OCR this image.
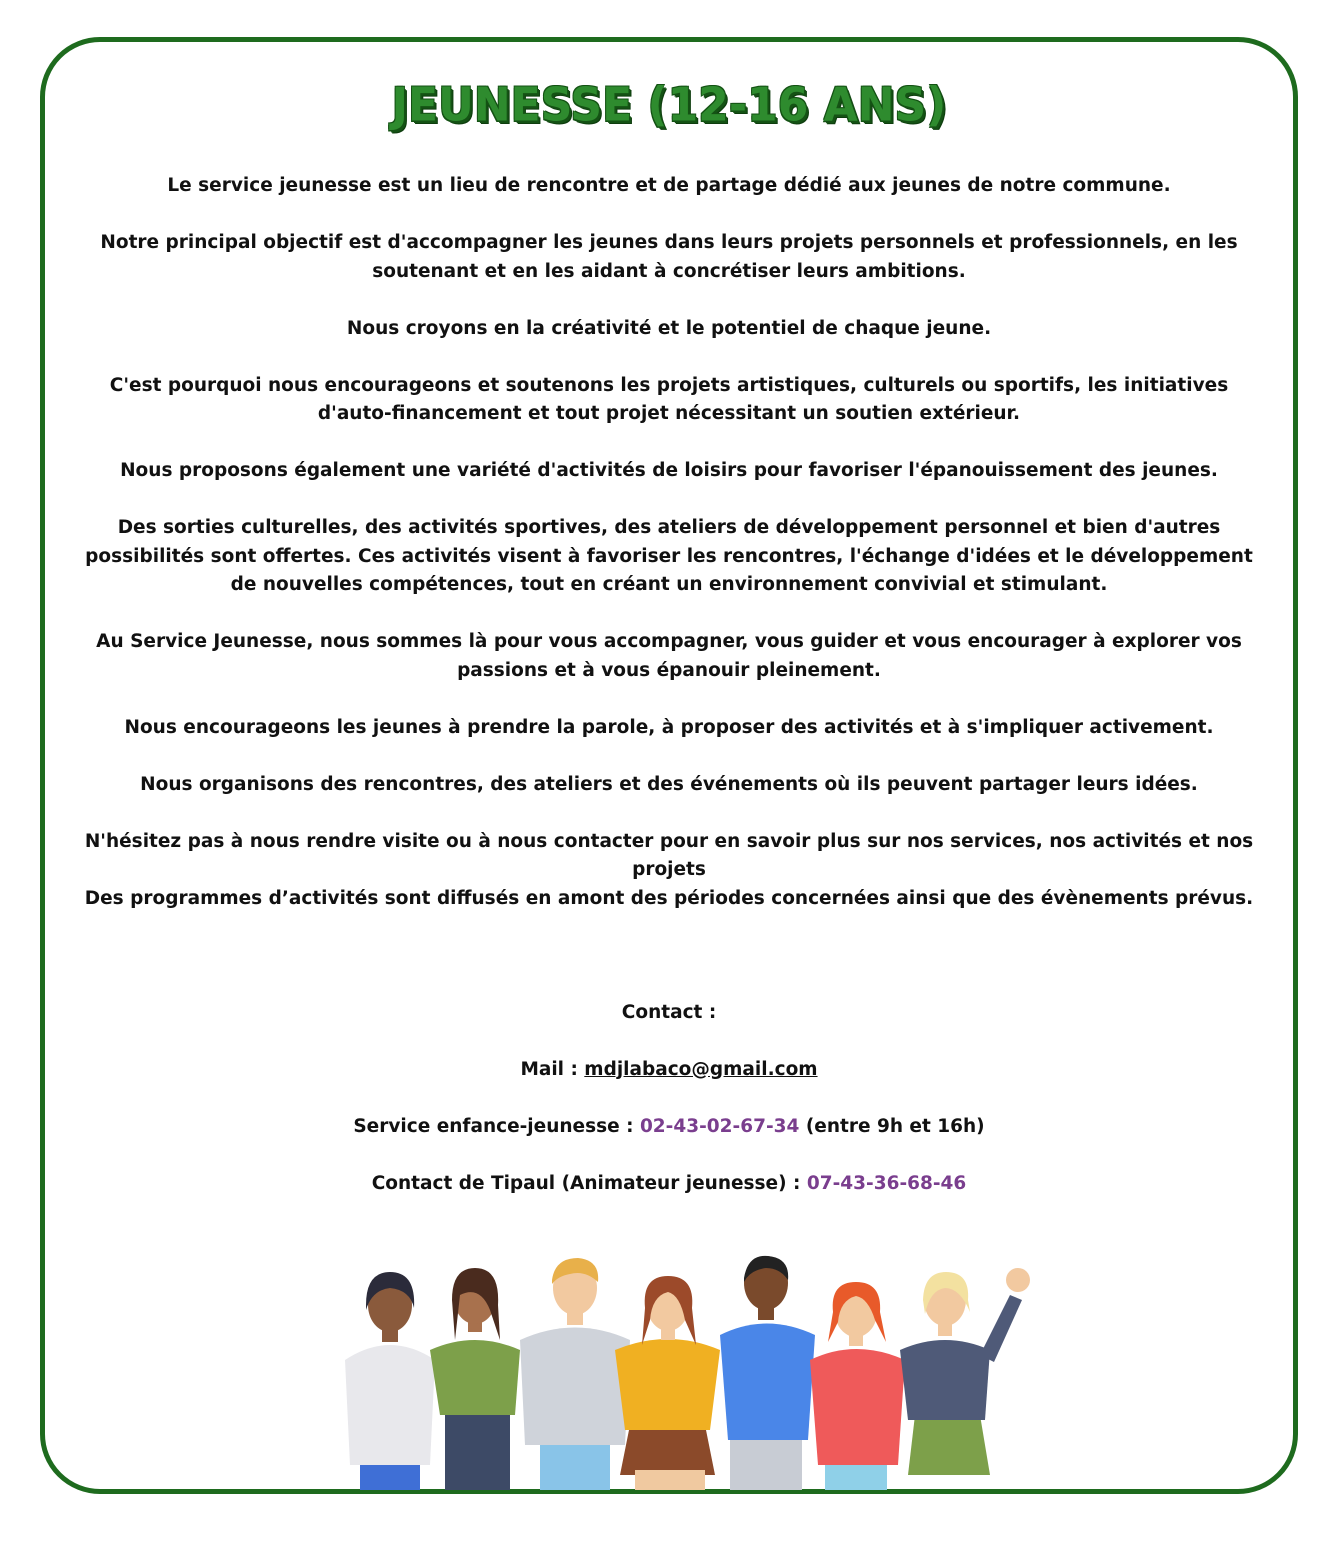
JEUNESSE (12-16 ANS)

Le service jeunesse est un lieu de rencontre et de partage dédié aux jeunes de notre commune.

Notre principal objectif est d'accompagner les jeunes dans leurs projets personnels et professionnels, en les soutenant et en les aidant à concrétiser leurs ambitions.

Nous croyons en la créativité et le potentiel de chaque jeune.

C'est pourquoi nous encourageons et soutenons les projets artistiques, culturels ou sportifs, les initiatives d'auto-financement et tout projet nécessitant un soutien extérieur.

Nous proposons également une variété d'activités de loisirs pour favoriser l'épanouissement des jeunes.

Des sorties culturelles, des activités sportives, des ateliers de développement personnel et bien d'autres possibilités sont offertes. Ces activités visent à favoriser les rencontres, l'échange d'idées et le développement de nouvelles compétences, tout en créant un environnement convivial et stimulant.

Au Service Jeunesse, nous sommes là pour vous accompagner, vous guider et vous encourager à explorer vos passions et à vous épanouir pleinement.

Nous encourageons les jeunes à prendre la parole, à proposer des activités et à s'impliquer activement.

Nous organisons des rencontres, des ateliers et des événements où ils peuvent partager leurs idées.

N'hésitez pas à nous rendre visite ou à nous contacter pour en savoir plus sur nos services, nos activités et nos projets

Des programmes d’activités sont diffusés en amont des périodes concernées ainsi que des évènements prévus.

Contact :

Mail : mdjlabaco@gmail.com

Service enfance-jeunesse : 02-43-02-67-34 (entre 9h et 16h)

Contact de Tipaul (Animateur jeunesse) : 07-43-36-68-46
